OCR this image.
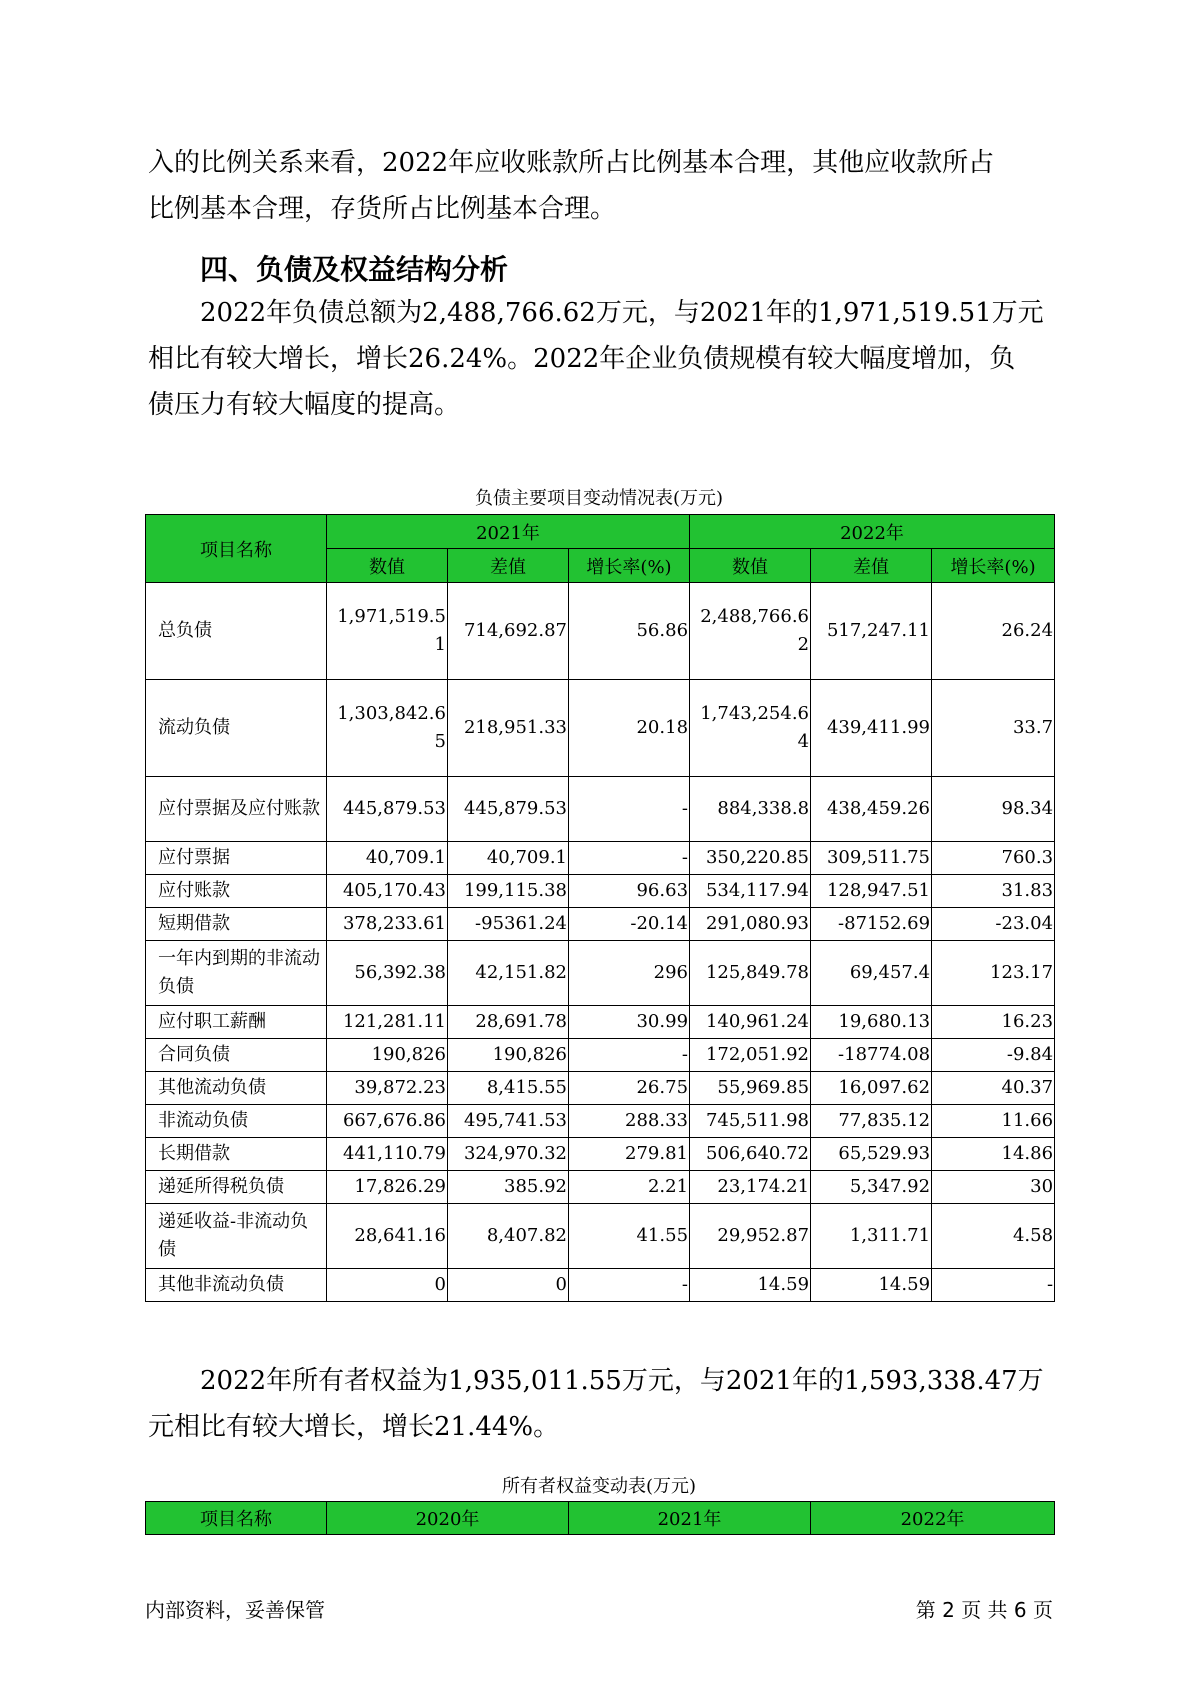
入的比例关系来看，2022年应收账款所占比例基本合理，其他应收款所占
比例基本合理，存货所占比例基本合理。

四、负债及权益结构分析

2022年负债总额为2,488,766.62万元，与2021年的1,971,519.51万元
相比有较大增长，增长26.24%。2022年企业负债规模有较大幅度增加，负
债压力有较大幅度的提高。

负债主要项目变动情况表(万元)
项目名称	2021年			2022年		
	数值	差值	增长率(%)	数值	差值	增长率(%)
总负债	1,971,519.51	714,692.87	56.86	2,488,766.62	517,247.11	26.24
流动负债	1,303,842.65	218,951.33	20.18	1,743,254.64	439,411.99	33.7
应付票据及应付账款	445,879.53	445,879.53	-	884,338.8	438,459.26	98.34
应付票据	40,709.1	40,709.1	-	350,220.85	309,511.75	760.3
应付账款	405,170.43	199,115.38	96.63	534,117.94	128,947.51	31.83
短期借款	378,233.61	-95361.24	-20.14	291,080.93	-87152.69	-23.04
一年内到期的非流动负债	56,392.38	42,151.82	296	125,849.78	69,457.4	123.17
应付职工薪酬	121,281.11	28,691.78	30.99	140,961.24	19,680.13	16.23
合同负债	190,826	190,826	-	172,051.92	-18774.08	-9.84
其他流动负债	39,872.23	8,415.55	26.75	55,969.85	16,097.62	40.37
非流动负债	667,676.86	495,741.53	288.33	745,511.98	77,835.12	11.66
长期借款	441,110.79	324,970.32	279.81	506,640.72	65,529.93	14.86
递延所得税负债	17,826.29	385.92	2.21	23,174.21	5,347.92	30
递延收益-非流动负债	28,641.16	8,407.82	41.55	29,952.87	1,311.71	4.58
其他非流动负债	0	0	-	14.59	14.59	-

2022年所有者权益为1,935,011.55万元，与2021年的1,593,338.47万
元相比有较大增长，增长21.44%。

所有者权益变动表(万元)
项目名称	2020年	2021年	2022年
内部资料，妥善保管	第 2 页 共 6 页
